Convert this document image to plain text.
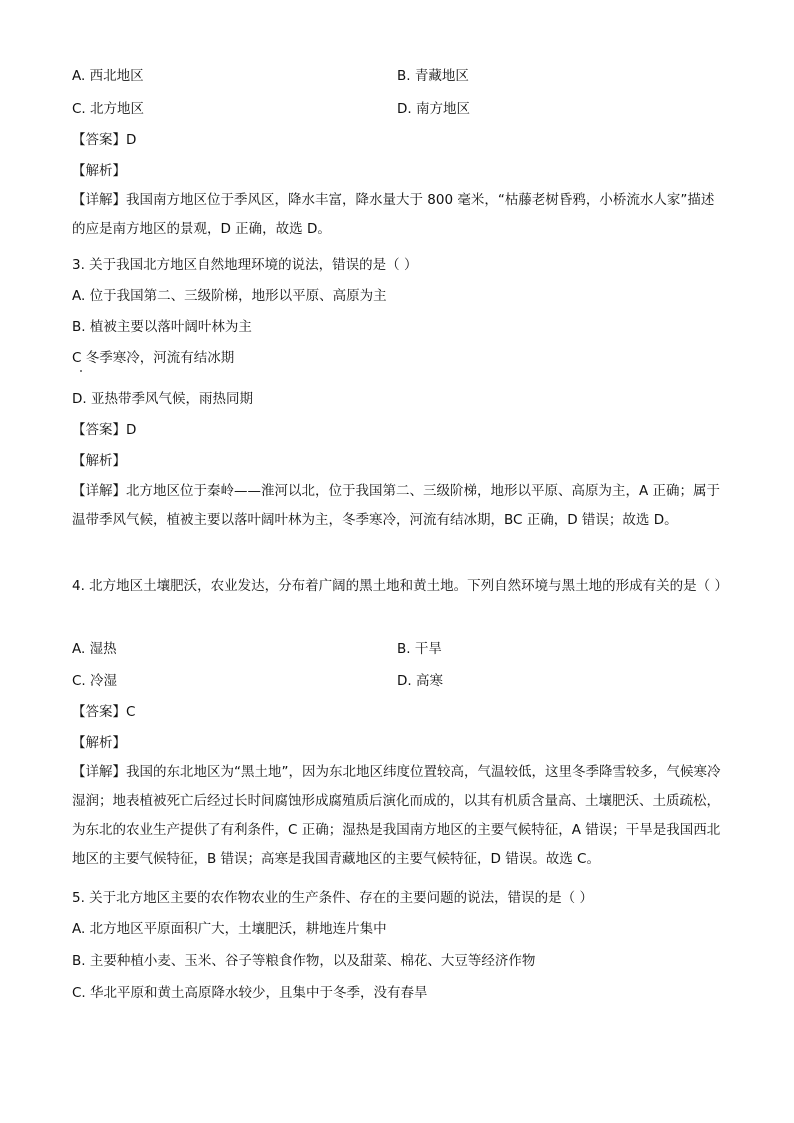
A. 西北地区	B. 青藏地区
C. 北方地区	D. 南方地区
【答案】D
【解析】
【详解】我国南方地区位于季风区，降水丰富，降水量大于 800 毫米，“枯藤老树昏鸦，小桥流水人家”描述的应是南方地区的景观，D 正确，故选 D。
3. 关于我国北方地区自然地理环境的说法，错误的是（ ）
A. 位于我国第二、三级阶梯，地形以平原、高原为主
B. 植被主要以落叶阔叶林为主
C 冬季寒冷，河流有结冰期
D. 亚热带季风气候，雨热同期
【答案】D
【解析】
【详解】北方地区位于秦岭——淮河以北，位于我国第二、三级阶梯，地形以平原、高原为主，A 正确；属于温带季风气候，植被主要以落叶阔叶林为主，冬季寒冷，河流有结冰期，BC 正确，D 错误；故选 D。
4. 北方地区土壤肥沃，农业发达，分布着广阔的黑土地和黄土地。下列自然环境与黑土地的形成有关的是（ ）
A. 湿热	B. 干旱
C. 冷湿	D. 高寒
【答案】C
【解析】
【详解】我国的东北地区为“黑土地”，因为东北地区纬度位置较高，气温较低，这里冬季降雪较多，气候寒冷湿润；地表植被死亡后经过长时间腐蚀形成腐殖质后演化而成的，以其有机质含量高、土壤肥沃、土质疏松，为东北的农业生产提供了有利条件，C 正确；湿热是我国南方地区的主要气候特征，A 错误；干旱是我国西北地区的主要气候特征，B 错误；高寒是我国青藏地区的主要气候特征，D 错误。故选 C。
5. 关于北方地区主要的农作物农业的生产条件、存在的主要问题的说法，错误的是（ ）
A. 北方地区平原面积广大，土壤肥沃，耕地连片集中
B. 主要种植小麦、玉米、谷子等粮食作物，以及甜菜、棉花、大豆等经济作物
C. 华北平原和黄土高原降水较少，且集中于冬季，没有春旱
